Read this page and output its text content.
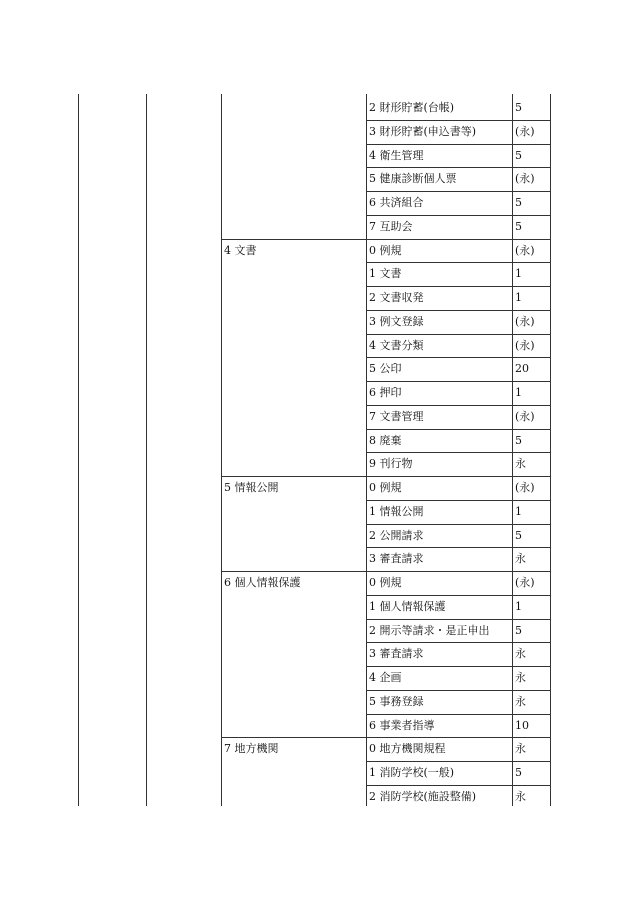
2 財形貯蓄(台帳)	5
3 財形貯蓄(申込書等)	(永)
4 衛生管理	5
5 健康診断個人票	(永)
6 共済組合	5
7 互助会	5
4 文書	0 例規	(永)
1 文書	1
2 文書収発	1
3 例文登録	(永)
4 文書分類	(永)
5 公印	20
6 押印	1
7 文書管理	(永)
8 廃棄	5
9 刊行物	永
5 情報公開	0 例規	(永)
1 情報公開	1
2 公開請求	5
3 審査請求	永
6 個人情報保護	0 例規	(永)
1 個人情報保護	1
2 開示等請求・是正申出 5
3 審査請求	永
4 企画	永
5 事務登録	永
6 事業者指導	10
7 地方機関	0 地方機関規程	永
1 消防学校(一般)	5
2 消防学校(施設整備)	永
